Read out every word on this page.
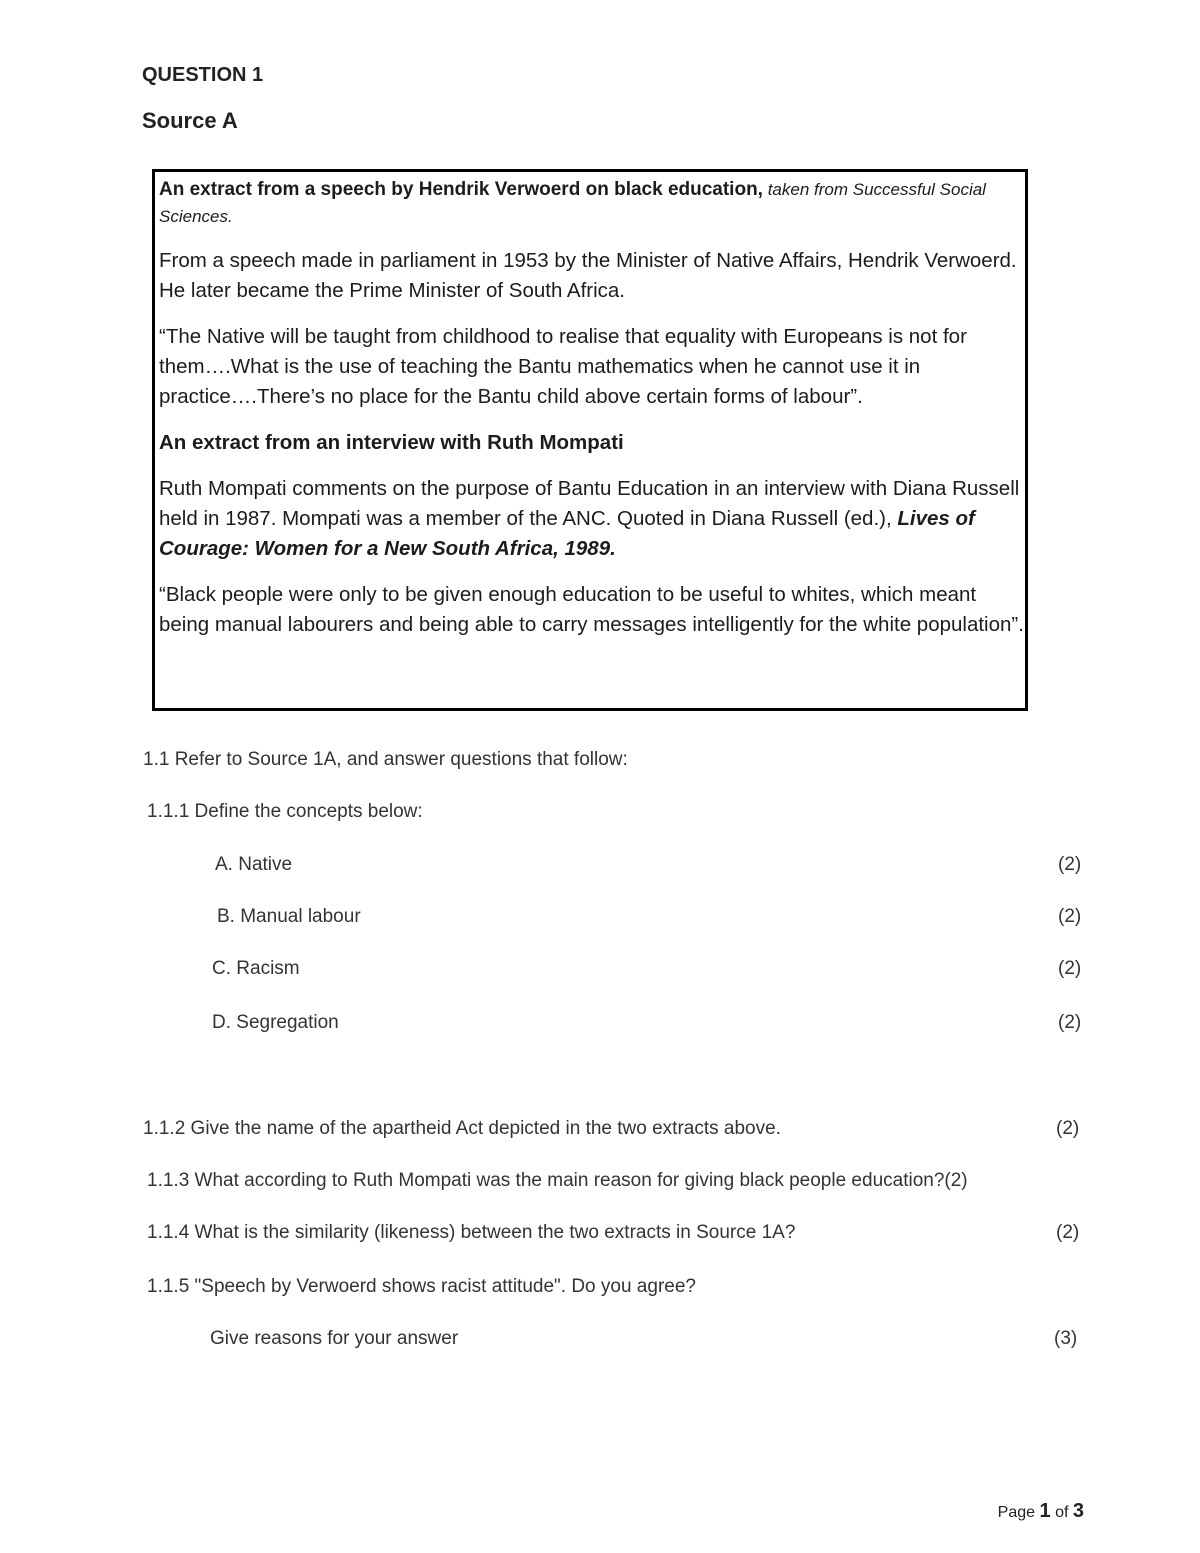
QUESTION 1
Source A

An extract from a speech by Hendrik Verwoerd on black education, taken from Successful Social Sciences.

From a speech made in parliament in 1953 by the Minister of Native Affairs, Hendrik Verwoerd. He later became the Prime Minister of South Africa.

“The Native will be taught from childhood to realise that equality with Europeans is not for them….What is the use of teaching the Bantu mathematics when he cannot use it in practice….There’s no place for the Bantu child above certain forms of labour”.

An extract from an interview with Ruth Mompati

Ruth Mompati comments on the purpose of Bantu Education in an interview with Diana Russell held in 1987. Mompati was a member of the ANC. Quoted in Diana Russell (ed.), Lives of Courage: Women for a New South Africa, 1989.

“Black people were only to be given enough education to be useful to whites, which meant being manual labourers and being able to carry messages intelligently for the white population”.

1.1 Refer to Source 1A, and answer questions that follow:
1.1.1 Define the concepts below:
A. Native	(2)
B. Manual labour	(2)
C. Racism	(2)
D. Segregation	(2)
1.1.2 Give the name of the apartheid Act depicted in the two extracts above.	(2)
1.1.3 What according to Ruth Mompati was the main reason for giving black people education?(2)
1.1.4 What is the similarity (likeness) between the two extracts in Source 1A?	(2)
1.1.5 "Speech by Verwoerd shows racist attitude". Do you agree?
Give reasons for your answer	(3)
Page 1 of 3
